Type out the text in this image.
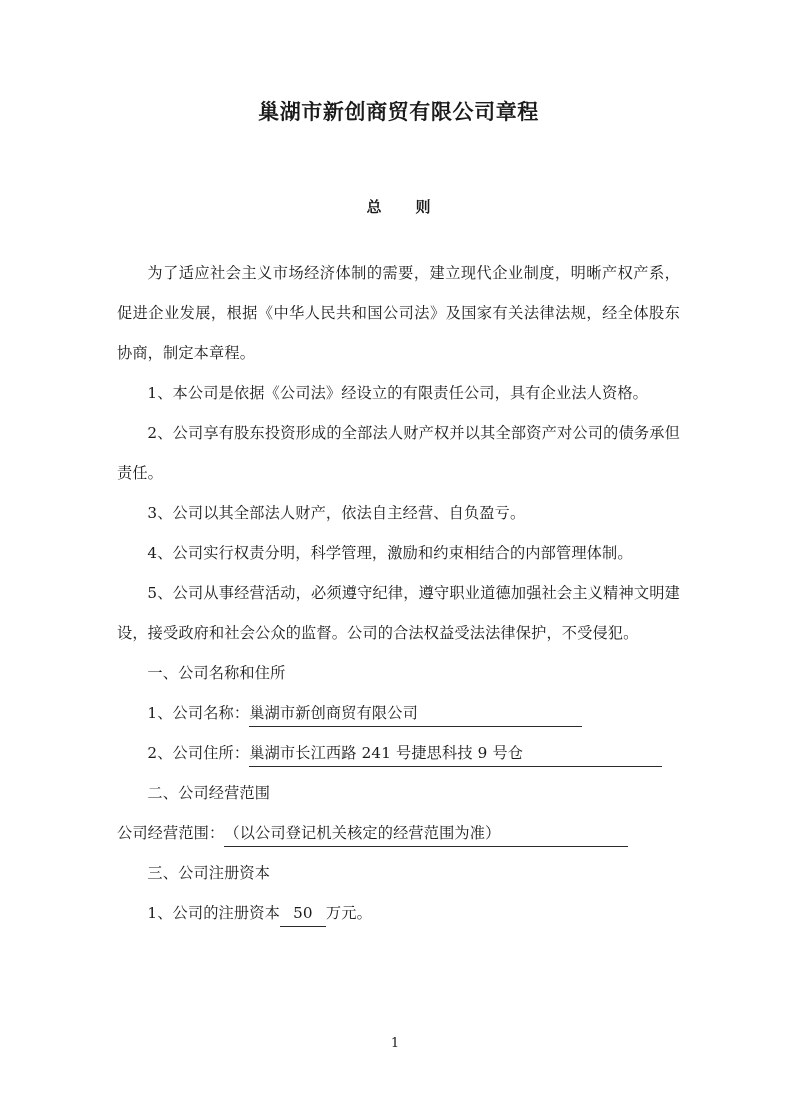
巢湖市新创商贸有限公司章程
总 则

为了适应社会主义市场经济体制的需要，建立现代企业制度，明晰产权产系，促进企业发展，根据《中华人民共和国公司法》及国家有关法律法规，经全体股东协商，制定本章程。

1、本公司是依据《公司法》经设立的有限责任公司，具有企业法人资格。

2、公司享有股东投资形成的全部法人财产权并以其全部资产对公司的债务承但责任。

3、公司以其全部法人财产，依法自主经营、自负盈亏。

4、公司实行权责分明，科学管理，激励和约束相结合的内部管理体制。

5、公司从事经营活动，必须遵守纪律，遵守职业道德加强社会主义精神文明建设，接受政府和社会公众的监督。公司的合法权益受法法律保护，不受侵犯。

一、公司名称和住所

1、公司名称：巢湖市新创商贸有限公司

2、公司住所：巢湖市长江西路 241 号捷思科技 9 号仓

二、公司经营范围

公司经营范围：（以公司登记机关核定的经营范围为准）

三、公司注册资本

1、公司的注册资本 50 万元。

1
